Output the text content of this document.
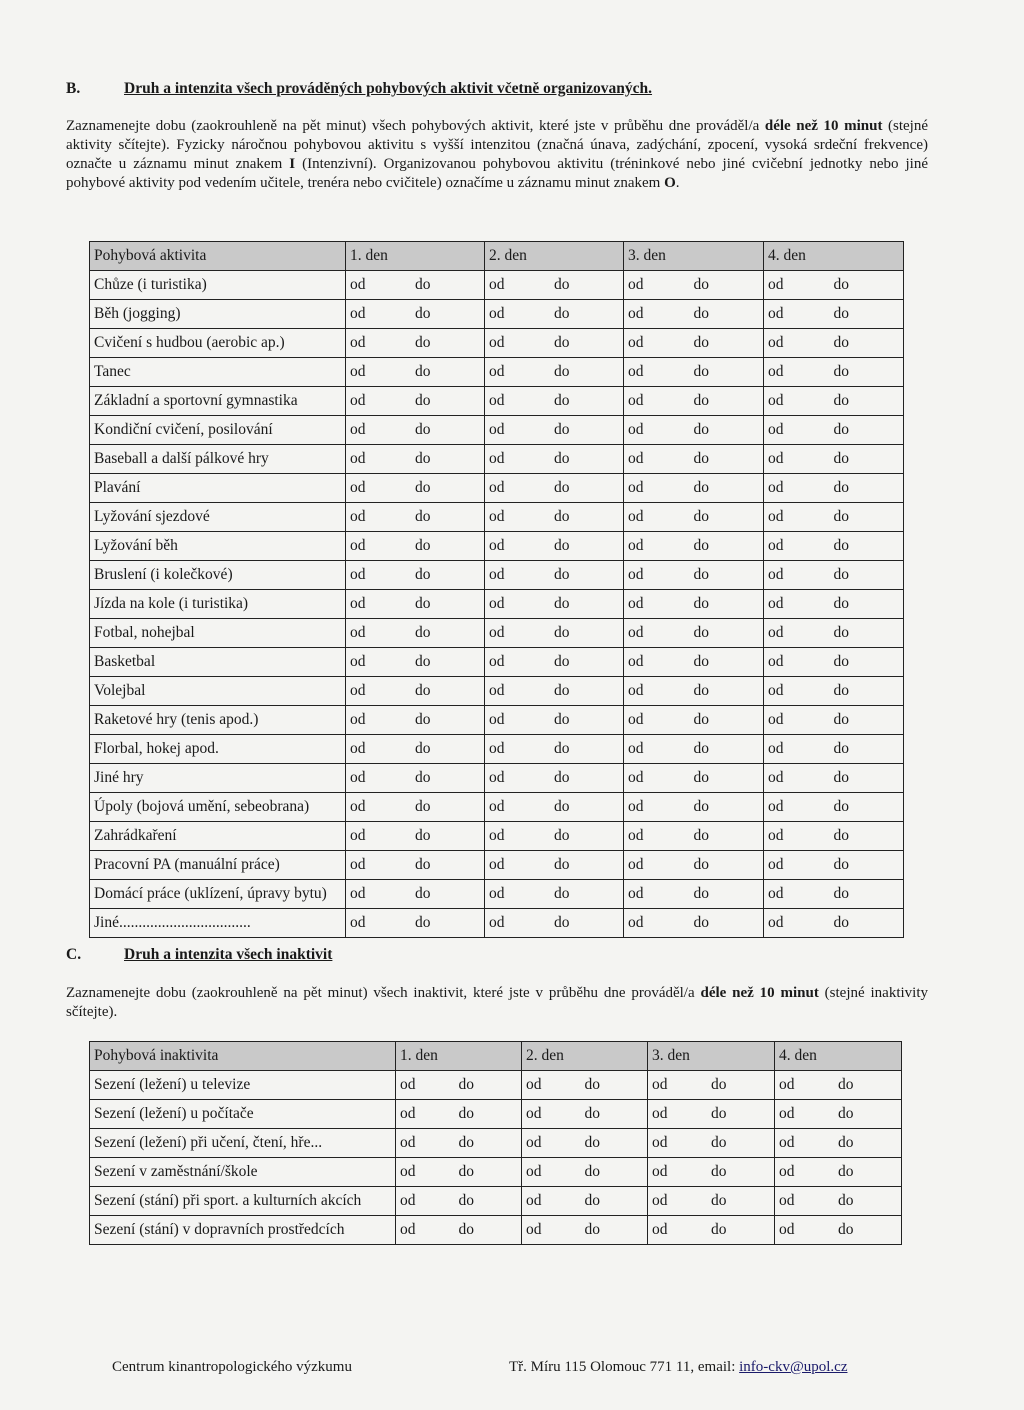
B.	Druh a intenzita všech prováděných pohybových aktivit včetně organizovaných.
Zaznamenejte dobu (zaokrouhleně na pět minut) všech pohybových aktivit, které jste v průběhu dne prováděl/a déle než 10 minut (stejné aktivity sčítejte). Fyzicky náročnou pohybovou aktivitu s vyšší intenzitou (značná únava, zadýchání, zpocení, vysoká srdeční frekvence) označte u záznamu minut znakem I (Intenzivní). Organizovanou pohybovou aktivitu (tréninkové nebo jiné cvičební jednotky nebo jiné pohybové aktivity pod vedením učitele, trenéra nebo cvičitele) označíme u záznamu minut znakem O.
Pohybová aktivita	1. den	2. den	3. den	4. den
Chůze (i turistika)	od do	od do	od do	od do

Běh (jogging)	od do	od do	od do	od do

Cvičení s hudbou (aerobic ap.)	od do	od do	od do	od do

Tanec	od do	od do	od do	od do

Základní a sportovní gymnastika	od do	od do	od do	od do

Kondiční cvičení, posilování	od do	od do	od do	od do

Baseball a další pálkové hry	od do	od do	od do	od do

Plavání	od do	od do	od do	od do

Lyžování sjezdové	od do	od do	od do	od do

Lyžování běh	od do	od do	od do	od do

Bruslení (i kolečkové)	od do	od do	od do	od do

Jízda na kole (i turistika)	od do	od do	od do	od do

Fotbal, nohejbal	od do	od do	od do	od do

Basketbal	od do	od do	od do	od do

Volejbal	od do	od do	od do	od do

Raketové hry (tenis apod.)	od do	od do	od do	od do

Florbal, hokej apod.	od do	od do	od do	od do

Jiné hry	od do	od do	od do	od do

Úpoly (bojová umění, sebeobrana)	od do	od do	od do	od do

Zahrádkaření	od do	od do	od do	od do

Pracovní PA (manuální práce)	od do	od do	od do	od do

Domácí práce (uklízení, úpravy bytu)	od do	od do	od do	od do

Jiné..................................	od do	od do	od do	od do
C.	Druh a intenzita všech inaktivit
Zaznamenejte dobu (zaokrouhleně na pět minut) všech inaktivit, které jste v průběhu dne prováděl/a déle než 10 minut (stejné inaktivity sčítejte).
Pohybová inaktivita	1. den	2. den	3. den	4. den
Sezení (ležení) u televize	od do	od do	od do	od do

Sezení (ležení) u počítače	od do	od do	od do	od do

Sezení (ležení) při učení, čtení, hře...	od do	od do	od do	od do

Sezení v zaměstnání/škole	od do	od do	od do	od do

Sezení (stání) při sport. a kulturních akcích	od do	od do	od do	od do

Sezení (stání) v dopravních prostředcích	od do	od do	od do	od do
Centrum kinantropologického výzkumu	Tř. Míru 115 Olomouc 771 11, email: info-ckv@upol.cz
